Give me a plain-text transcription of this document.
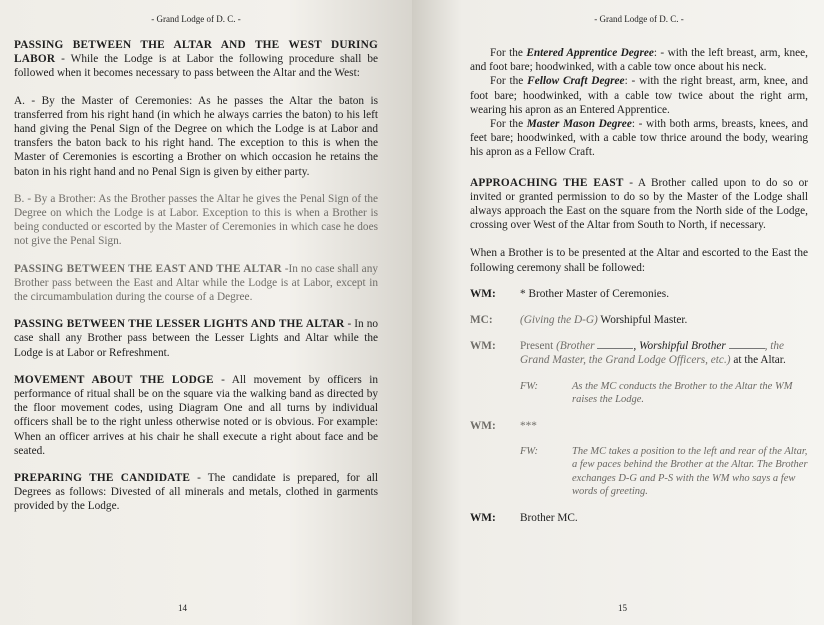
- Grand Lodge of D. C. -

PASSING BETWEEN THE ALTAR AND THE WEST DURING LABOR - While the Lodge is at Labor the following procedure shall be followed when it becomes necessary to pass between the Altar and the West:

A. - By the Master of Ceremonies: As he passes the Altar the baton is transferred from his right hand (in which he always carries the baton) to his left hand giving the Penal Sign of the Degree on which the Lodge is at Labor and transfers the baton back to his right hand. The exception to this is when the Master of Ceremonies is escorting a Brother on which occasion he retains the baton in his right hand and no Penal Sign is given by either party.

B. - By a Brother: As the Brother passes the Altar he gives the Penal Sign of the Degree on which the Lodge is at Labor. Exception to this is when a Brother is being conducted or escorted by the Master of Ceremonies in which case he does not give the Penal Sign.

PASSING BETWEEN THE EAST AND THE ALTAR -In no case shall any Brother pass between the East and Altar while the Lodge is at Labor, except in the circumambulation during the course of a Degree.

PASSING BETWEEN THE LESSER LIGHTS AND THE ALTAR - In no case shall any Brother pass between the Lesser Lights and Altar while the Lodge is at Labor or Refreshment.

MOVEMENT ABOUT THE LODGE - All movement by officers in performance of ritual shall be on the square via the walking band as directed by the floor movement codes, using Diagram One and all turns by individual officers shall be to the right unless otherwise noted or is obvious. For example: When an officer arrives at his chair he shall execute a right about face and be seated.

PREPARING THE CANDIDATE - The candidate is prepared, for all Degrees as follows: Divested of all minerals and metals, clothed in garments provided by the Lodge.

14
- Grand Lodge of D. C. -

For the Entered Apprentice Degree: - with the left breast, arm, knee, and foot bare; hoodwinked, with a cable tow once about his neck.

For the Fellow Craft Degree: - with the right breast, arm, knee, and foot bare; hoodwinked, with a cable tow twice about the right arm, wearing his apron as an Entered Apprentice.

For the Master Mason Degree: - with both arms, breasts, knees, and feet bare; hoodwinked, with a cable tow thrice around the body, wearing his apron as a Fellow Craft.

APPROACHING THE EAST - A Brother called upon to do so or invited or granted permission to do so by the Master of the Lodge shall always approach the East on the square from the North side of the Lodge, crossing over West of the Altar from South to North, if necessary.

When a Brother is to be presented at the Altar and escorted to the East the following ceremony shall be followed:

WM:	* Brother Master of Ceremonies.
MC:	(Giving the D-G) Worshipful Master.
WM:	Present (Brother	, Worshipful Brother	, the Grand Master, the Grand Lodge Officers, etc.) at the Altar.
FW:	As the MC conducts the Brother to the Altar the WM raises the Lodge.
WM:	***
FW:	The MC takes a position to the left and rear of the Altar, a few paces behind the Brother at the Altar. The Brother exchanges D-G and P-S with the WM who says a few words of greeting.
WM:	Brother MC.
15
